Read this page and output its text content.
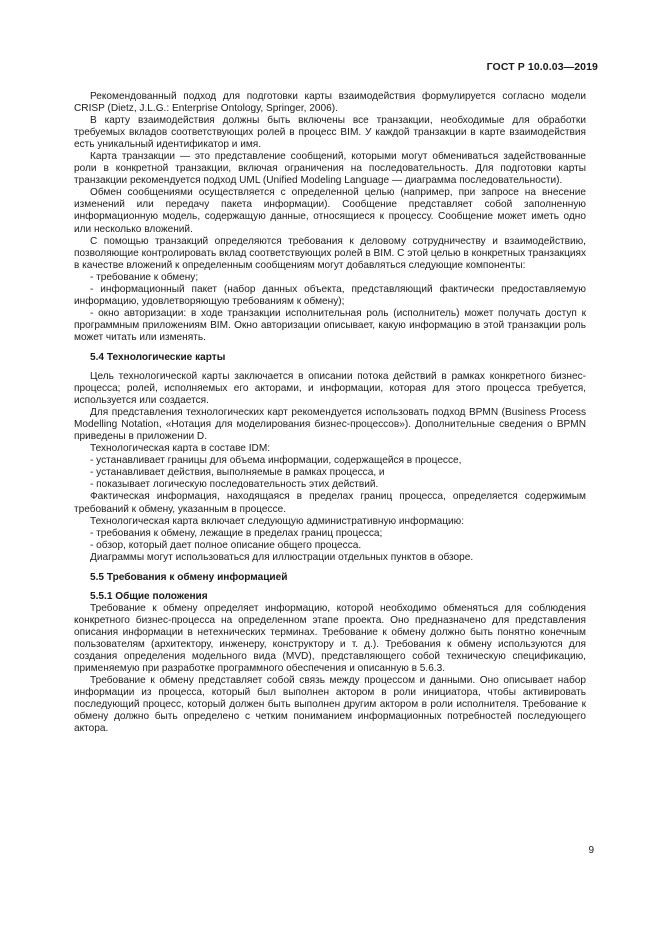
ГОСТ Р 10.0.03—2019

Рекомендованный подход для подготовки карты взаимодействия формулируется согласно модели CRISP (Dietz, J.L.G.: Enterprise Ontology, Springer, 2006).

В карту взаимодействия должны быть включены все транзакции, необходимые для обработки требуемых вкладов соответствующих ролей в процесс BIM. У каждой транзакции в карте взаимодействия есть уникальный идентификатор и имя.

Карта транзакции — это представление сообщений, которыми могут обмениваться задействованные роли в конкретной транзакции, включая ограничения на последовательность. Для подготовки карты транзакции рекомендуется подход UML (Unified Modeling Language — диаграмма последовательности).

Обмен сообщениями осуществляется с определенной целью (например, при запросе на внесение изменений или передачу пакета информации). Сообщение представляет собой заполненную информационную модель, содержащую данные, относящиеся к процессу. Сообщение может иметь одно или несколько вложений.

С помощью транзакций определяются требования к деловому сотрудничеству и взаимодействию, позволяющие контролировать вклад соответствующих ролей в BIM. С этой целью в конкретных транзакциях в качестве вложений к определенным сообщениям могут добавляться следующие компоненты:

- требование к обмену;

- информационный пакет (набор данных объекта, представляющий фактически предоставляемую информацию, удовлетворяющую требованиям к обмену);

- окно авторизации: в ходе транзакции исполнительная роль (исполнитель) может получать доступ к программным приложениям BIM. Окно авторизации описывает, какую информацию в этой транзакции роль может читать или изменять.

5.4 Технологические карты

Цель технологической карты заключается в описании потока действий в рамках конкретного бизнес-процесса; ролей, исполняемых его акторами, и информации, которая для этого процесса требуется, используется или создается.

Для представления технологических карт рекомендуется использовать подход BPMN (Business Process Modelling Notation, «Нотация для моделирования бизнес-процессов»). Дополнительные сведения о BPMN приведены в приложении D.

Технологическая карта в составе IDM:

- устанавливает границы для объема информации, содержащейся в процессе,

- устанавливает действия, выполняемые в рамках процесса, и

- показывает логическую последовательность этих действий.

Фактическая информация, находящаяся в пределах границ процесса, определяется содержимым требований к обмену, указанным в процессе.

Технологическая карта включает следующую административную информацию:

- требования к обмену, лежащие в пределах границ процесса;

- обзор, который дает полное описание общего процесса.

Диаграммы могут использоваться для иллюстрации отдельных пунктов в обзоре.

5.5 Требования к обмену информацией
5.5.1 Общие положения

Требование к обмену определяет информацию, которой необходимо обменяться для соблюдения конкретного бизнес-процесса на определенном этапе проекта. Оно предназначено для представления описания информации в нетехнических терминах. Требование к обмену должно быть понятно конечным пользователям (архитектору, инженеру, конструктору и т. д.). Требования к обмену используются для создания определения модельного вида (MVD), представляющего собой техническую спецификацию, применяемую при разработке программного обеспечения и описанную в 5.6.3.

Требование к обмену представляет собой связь между процессом и данными. Оно описывает набор информации из процесса, который был выполнен актором в роли инициатора, чтобы активировать последующий процесс, который должен быть выполнен другим актором в роли исполнителя. Требование к обмену должно быть определено с четким пониманием информационных потребностей последующего актора.

9
